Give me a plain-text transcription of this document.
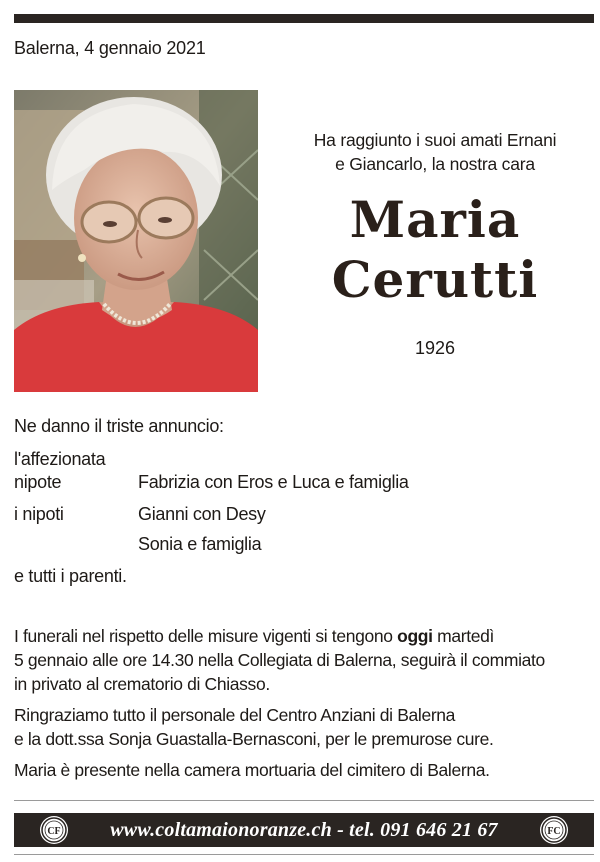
Balerna, 4 gennaio 2021
Ha raggiunto i suoi amati Ernani
e Giancarlo, la nostra cara
Maria
Cerutti
1926
Ne danno il triste annuncio:
l'affezionata
nipote	Fabrizia con Eros e Luca e famiglia
i nipoti	Gianni con Desy
Sonia e famiglia
e tutti i parenti.
I funerali nel rispetto delle misure vigenti si tengono oggi martedì
5 gennaio alle ore 14.30 nella Collegiata di Balerna, seguirà il commiato
in privato al crematorio di Chiasso.
Ringraziamo tutto il personale del Centro Anziani di Balerna
e la dott.ssa Sonja Guastalla-Bernasconi, per le premurose cure.
Maria è presente nella camera mortuaria del cimitero di Balerna.
CF	www.coltamaionoranze.ch - tel. 091 646 21 67	FC
